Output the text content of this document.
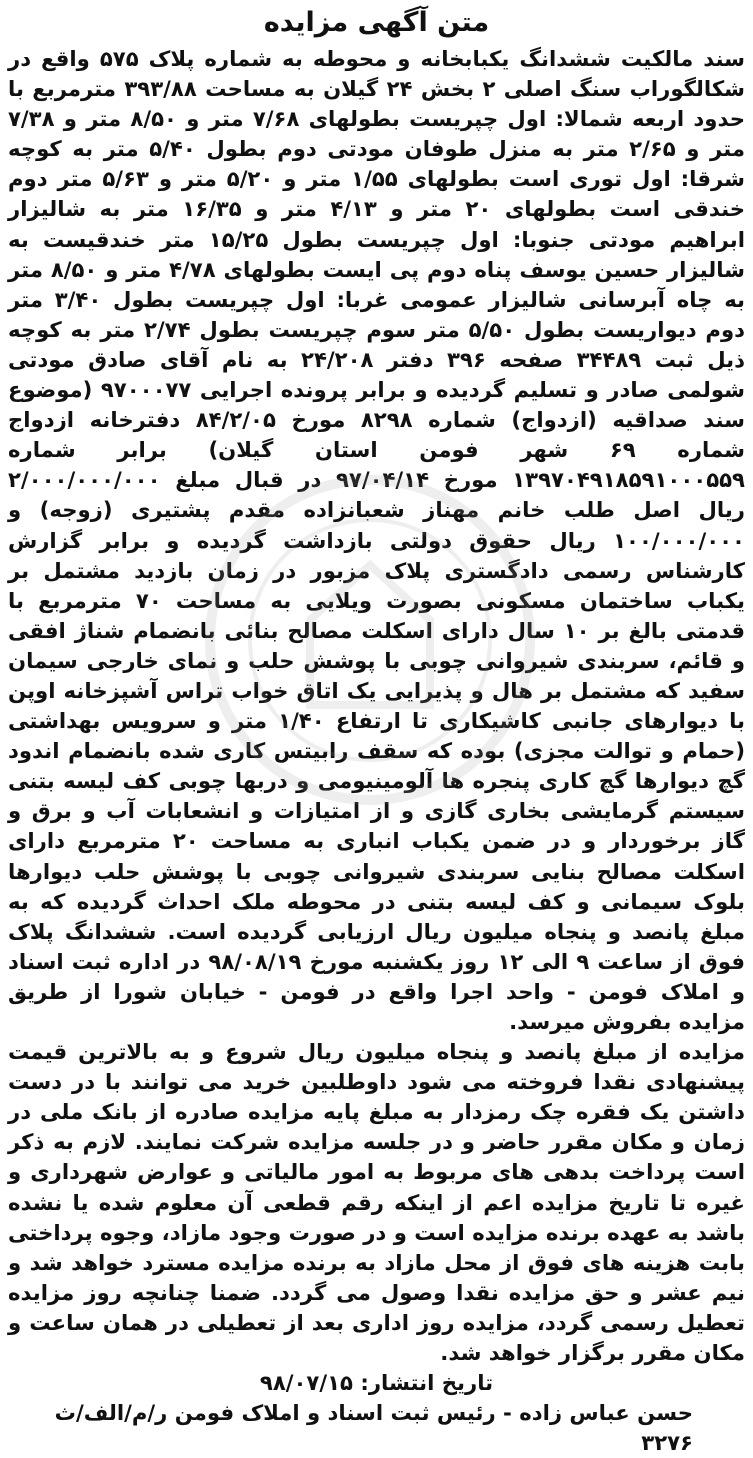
متن آگهی مزایده

سند مالکیت ششدانگ یکبابخانه و محوطه به شماره پلاک ۵۷۵ واقع در شکالگوراب سنگ اصلی ۲ بخش ۲۴ گیلان به مساحت ۳۹۳/۸۸ مترمربع با حدود اربعه شمالا: اول چپریست بطولهای ۷/۶۸ متر و ۸/۵۰ متر و ۷/۳۸ متر و ۲/۶۵ متر به منزل طوفان مودتی دوم بطول ۵/۴۰ متر به کوچه شرقا: اول توری است بطولهای ۱/۵۵ متر و ۵/۲۰ متر و ۵/۶۳ متر دوم خندقی است بطولهای ۲۰ متر و ۴/۱۳ متر و ۱۶/۳۵ متر به شالیزار ابراهیم مودتی جنوبا: اول چپریست بطول ۱۵/۲۵ متر خندقیست به شالیزار حسین یوسف پناه دوم پی ایست بطولهای ۴/۷۸ متر و ۸/۵۰ متر به چاه آبرسانی شالیزار عمومی غربا: اول چپریست بطول ۳/۴۰ متر دوم دیواریست بطول ۵/۵۰ متر سوم چپریست بطول ۲/۷۴ متر به کوچه ذیل ثبت ۳۴۴۸۹ صفحه ۳۹۶ دفتر ۲۴/۲۰۸ به نام آقای صادق مودتی شولمی صادر و تسلیم گردیده و برابر پرونده اجرایی ۹۷۰۰۰۷۷ (موضوع سند صداقیه (ازدواج) شماره ۸۲۹۸ مورخ ۸۴/۲/۰۵ دفترخانه ازدواج شماره ۶۹ شهر فومن استان گیلان) برابر شماره ۱۳۹۷۰۴۹۱۸۵۹۱۰۰۰۵۵۹ مورخ ۹۷/۰۴/۱۴ در قبال مبلغ ۲/۰۰۰/۰۰۰/۰۰۰ ریال اصل طلب خانم مهناز شعبانزاده مقدم پشتیری (زوجه) و ۱۰۰/۰۰۰/۰۰۰ ریال حقوق دولتی بازداشت گردیده و برابر گزارش کارشناس رسمی دادگستری پلاک مزبور در زمان بازدید مشتمل بر یکباب ساختمان مسکونی بصورت ویلایی به مساحت ۷۰ مترمربع با قدمتی بالغ بر ۱۰ سال دارای اسکلت مصالح بنائی بانضمام شناژ افقی و قائم، سربندی شیروانی چوبی با پوشش حلب و نمای خارجی سیمان سفید که مشتمل بر هال و پذیرایی یک اتاق خواب تراس آشپزخانه اوپن با دیوارهای جانبی کاشیکاری تا ارتفاع ۱/۴۰ متر و سرویس بهداشتی (حمام و توالت مجزی) بوده که سقف رابیتس کاری شده بانضمام اندود گچ دیوارها گچ کاری پنجره ها آلومینیومی و دربها چوبی کف لیسه بتنی سیستم گرمایشی بخاری گازی و از امتیازات و انشعابات آب و برق و گاز برخوردار و در ضمن یکباب انباری به مساحت ۲۰ مترمربع دارای اسکلت مصالح بنایی سربندی شیروانی چوبی با پوشش حلب دیوارها بلوک سیمانی و کف لیسه بتنی در محوطه ملک احداث گردیده که به مبلغ پانصد و پنجاه میلیون ریال ارزیابی گردیده است. ششدانگ پلاک فوق از ساعت ۹ الی ۱۲ روز یکشنبه مورخ ۹۸/۰۸/۱۹ در اداره ثبت اسناد و املاک فومن - واحد اجرا واقع در فومن - خیابان شورا از طریق مزایده بفروش میرسد.

مزایده از مبلغ پانصد و پنجاه میلیون ریال شروع و به بالاترین قیمت پیشنهادی نقدا فروخته می شود داوطلبین خرید می توانند با در دست داشتن یک فقره چک رمزدار به مبلغ پایه مزایده صادره از بانک ملی در زمان و مکان مقرر حاضر و در جلسه مزایده شرکت نمایند. لازم به ذکر است پرداخت بدهی های مربوط به امور مالیاتی و عوارض شهرداری و غیره تا تاریخ مزایده اعم از اینکه رقم قطعی آن معلوم شده یا نشده باشد به عهده برنده مزایده است و در صورت وجود مازاد، وجوه پرداختی بابت هزینه های فوق از محل مازاد به برنده مزایده مسترد خواهد شد و نیم عشر و حق مزایده نقدا وصول می گردد. ضمنا چنانچه روز مزایده تعطیل رسمی گردد، مزایده روز اداری بعد از تعطیلی در همان ساعت و مکان مقرر برگزار خواهد شد.

تاریخ انتشار: ۹۸/۰۷/۱۵

حسن عباس زاده - رئیس ثبت اسناد و املاک فومن ر/م/الف/ث ۳۲۷۶
